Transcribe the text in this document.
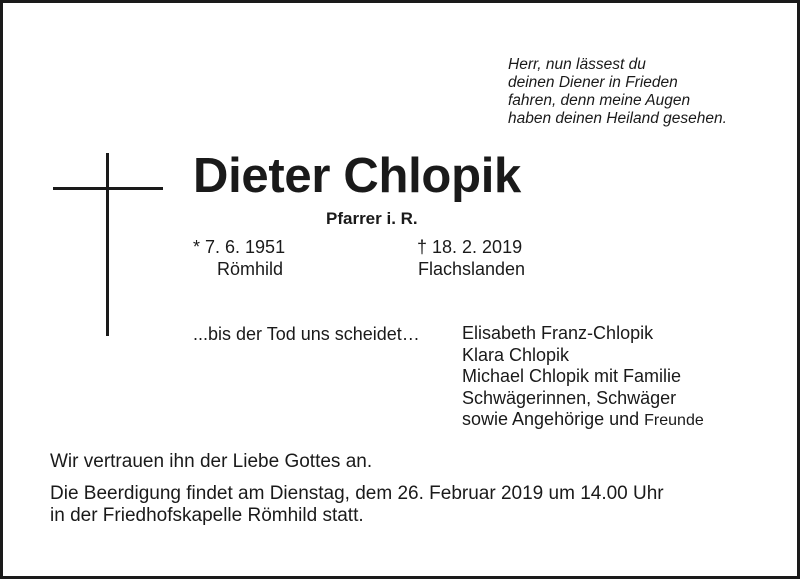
Herr, nun lässest du
deinen Diener in Frieden
fahren, denn meine Augen
haben deinen Heiland gesehen.
Dieter Chlopik
Pfarrer i. R.
* 7. 6. 1951
Römhild
† 18. 2. 2019
Flachslanden
...bis der Tod uns scheidet… Elisabeth Franz-Chlopik
Klara Chlopik
Michael Chlopik mit Familie
Schwägerinnen, Schwäger
sowie Angehörige und Freunde
Wir vertrauen ihn der Liebe Gottes an.
Die Beerdigung findet am Dienstag, dem 26. Februar 2019 um 14.00 Uhr
in der Friedhofskapelle Römhild statt.
